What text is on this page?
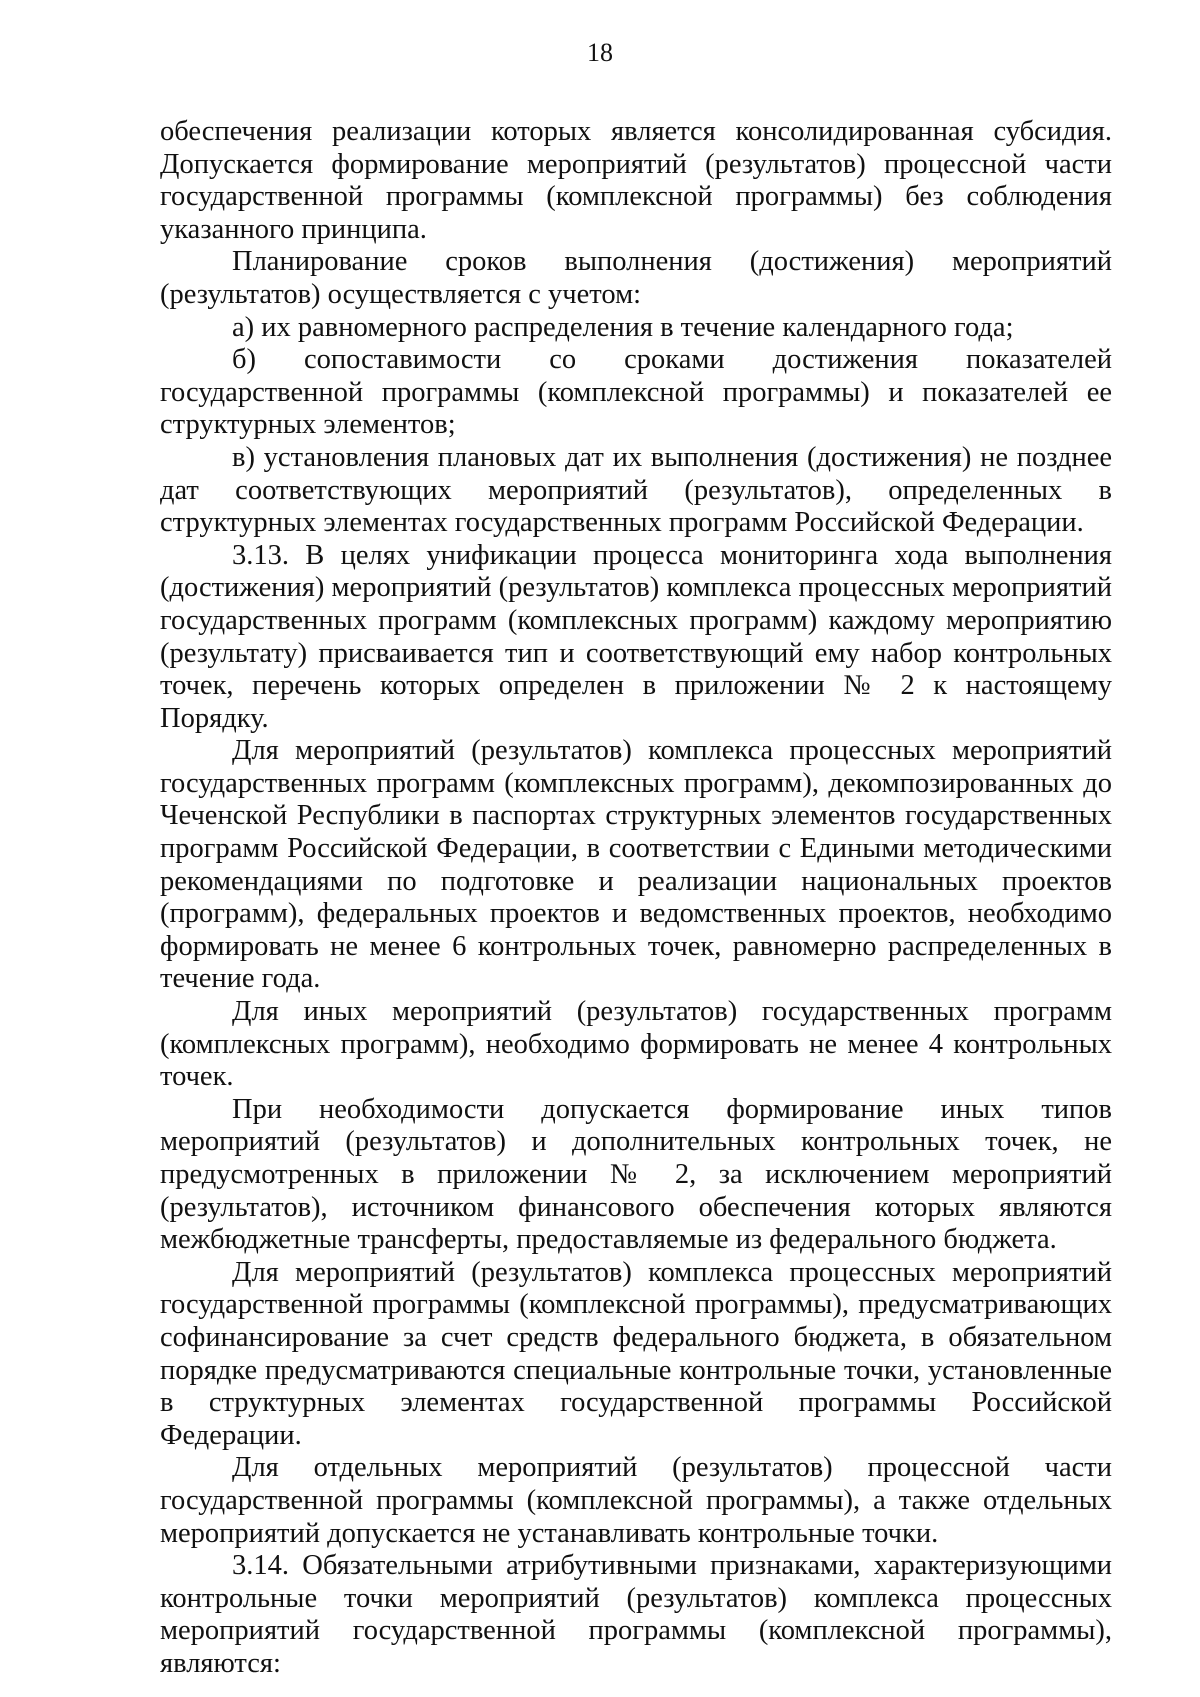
18

обеспечения реализации которых является консолидированная субсидия. Допускается формирование мероприятий (результатов) процессной части государственной программы (комплексной программы) без соблюдения указанного принципа.

Планирование сроков выполнения (достижения) мероприятий (результатов) осуществляется с учетом:

а) их равномерного распределения в течение календарного года;

б) сопоставимости со сроками достижения показателей государственной программы (комплексной программы) и показателей ее структурных элементов;

в) установления плановых дат их выполнения (достижения) не позднее дат соответствующих мероприятий (результатов), определенных в структурных элементах государственных программ Российской Федерации.

3.13. В целях унификации процесса мониторинга хода выполнения (достижения) мероприятий (результатов) комплекса процессных мероприятий государственных программ (комплексных программ) каждому мероприятию (результату) присваивается тип и соответствующий ему набор контрольных точек, перечень которых определен в приложении № 2 к настоящему Порядку.

Для мероприятий (результатов) комплекса процессных мероприятий государственных программ (комплексных программ), декомпозированных до Чеченской Республики в паспортах структурных элементов государственных программ Российской Федерации, в соответствии с Едиными методическими рекомендациями по подготовке и реализации национальных проектов (программ), федеральных проектов и ведомственных проектов, необходимо формировать не менее 6 контрольных точек, равномерно распределенных в течение года.

Для иных мероприятий (результатов) государственных программ (комплексных программ), необходимо формировать не менее 4 контрольных точек.

При необходимости допускается формирование иных типов мероприятий (результатов) и дополнительных контрольных точек, не предусмотренных в приложении № 2, за исключением мероприятий (результатов), источником финансового обеспечения которых являются межбюджетные трансферты, предоставляемые из федерального бюджета.

Для мероприятий (результатов) комплекса процессных мероприятий государственной программы (комплексной программы), предусматривающих софинансирование за счет средств федерального бюджета, в обязательном порядке предусматриваются специальные контрольные точки, установленные в структурных элементах государственной программы Российской Федерации.

Для отдельных мероприятий (результатов) процессной части государственной программы (комплексной программы), а также отдельных мероприятий допускается не устанавливать контрольные точки.

3.14. Обязательными атрибутивными признаками, характеризующими контрольные точки мероприятий (результатов) комплекса процессных мероприятий государственной программы (комплексной программы), являются:
